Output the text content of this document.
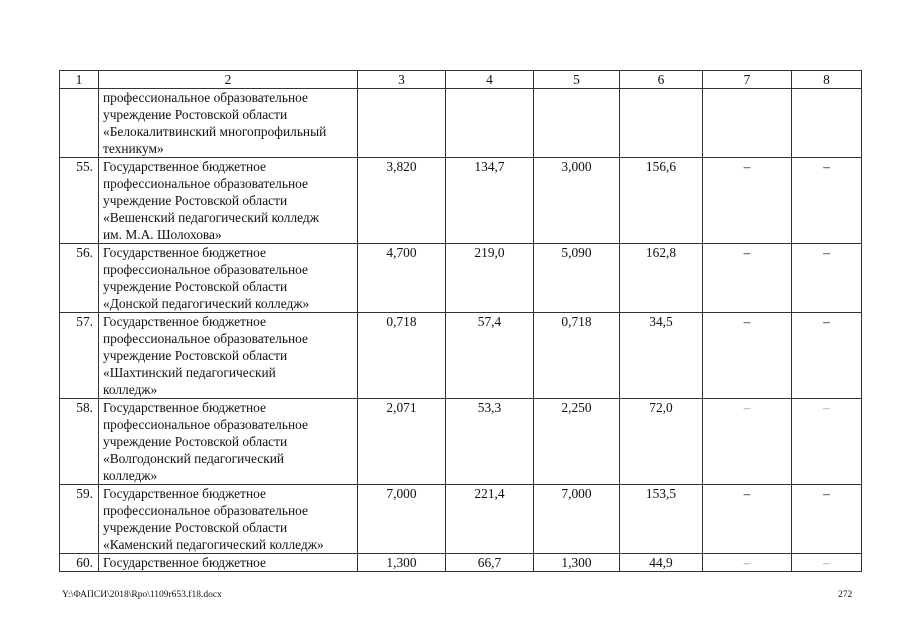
1	2	3	4	5	6	7	8
	профессиональное образовательное
учреждение Ростовской области
«Белокалитвинский многопрофильный
техникум»						
55.	Государственное бюджетное
профессиональное образовательное
учреждение Ростовской области
«Вешенский педагогический колледж
им. М.А. Шолохова»	3,820	134,7	3,000	156,6	–	–
56.	Государственное бюджетное
профессиональное образовательное
учреждение Ростовской области
«Донской педагогический колледж»	4,700	219,0	5,090	162,8	–	–
57.	Государственное бюджетное
профессиональное образовательное
учреждение Ростовской области
«Шахтинский педагогический
колледж»	0,718	57,4	0,718	34,5	–	–
58.	Государственное бюджетное
профессиональное образовательное
учреждение Ростовской области
«Волгодонский педагогический
колледж»	2,071	53,3	2,250	72,0	–	–
59.	Государственное бюджетное
профессиональное образовательное
учреждение Ростовской области
«Каменский педагогический колледж»	7,000	221,4	7,000	153,5	–	–
60.	Государственное бюджетное	1,300	66,7	1,300	44,9	–	–
Y:\ФАПСИ\2018\Rpo\1109r653.f18.docx	272
